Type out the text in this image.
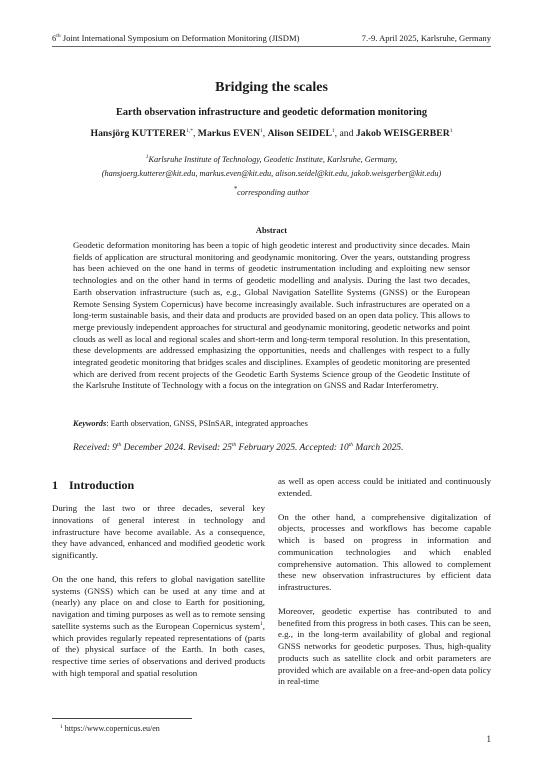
6th Joint International Symposium on Deformation Monitoring (JISDM)	7.-9. April 2025, Karlsruhe, Germany
Bridging the scales
Earth observation infrastructure and geodetic deformation monitoring
Hansjörg $KUTTERER^{1,*}$, Markus EVEN$^1$, Alison SEIDEL$^1$, and Jakob WEISGERBER$^1$
$^1$Karlsruhe Institute of Technology, Geodetic Institute, Karlsruhe, Germany,
(hansjoerg.kutterer@kit.edu, markus.even@kit.edu, alison.seidel@kit.edu, jakob.weisgerber@kit.edu)
*corresponding author
Abstract
Geodetic deformation monitoring has been a topic of high geodetic interest and productivity since decades. Main fields of application are structural monitoring and geodynamic monitoring. Over the years, outstanding progress has been achieved on the one hand in terms of geodetic instrumentation including and exploiting new sensor technologies and on the other hand in terms of geodetic modelling and analysis. During the last two decades, Earth observation infrastructure (such as, e.g., Global Navigation Satellite Systems (GNSS) or the European Remote Sensing System Copernicus) have become increasingly available. Such infrastructures are operated on a long-term sustainable basis, and their data and products are provided based on an open data policy. This allows to merge previously independent approaches for structural and geodynamic monitoring, geodetic networks and point clouds as well as local and regional scales and short-term and long-term temporal resolution. In this presentation, these developments are addressed emphasizing the opportunities, needs and challenges with respect to a fully integrated geodetic monitoring that bridges scales and disciplines. Examples of geodetic monitoring are presented which are derived from recent projects of the Geodetic Earth Systems Science group of the Geodetic Institute of the Karlsruhe Institute of Technology with a focus on the integration on GNSS and Radar Interferometry.
Keywords: Earth observation, GNSS, PSInSAR, integrated approaches
Received: 9th December 2024. Revised: 25th February 2025. Accepted: 10th March 2025.
1 Introduction

During the last two or three decades, several key innovations of general interest in technology and infrastructure have become available. As a consequence, they have advanced, enhanced and modified geodetic work significantly.

On the one hand, this refers to global navigation satellite systems (GNSS) which can be used at any time and at (nearly) any place on and close to Earth for positioning, navigation and timing purposes as well as to remote sensing satellite systems such as the European Copernicus system$^1$, which provides regularly repeated representations of (parts of the) physical surface of the Earth. In both cases, respective time series of observations and derived products with high temporal and spatial resolution

as well as open access could be initiated and continuously extended.

On the other hand, a comprehensive digitalization of objects, processes and workflows has become capable which is based on progress in information and communication technologies and which enabled comprehensive automation. This allowed to complement these new observation infrastructures by efficient data infrastructures.

Moreover, geodetic expertise has contributed to and benefited from this progress in both cases. This can be seen, e.g., in the long-term availability of global and regional GNSS networks for geodetic purposes. Thus, high-quality products such as satellite clock and orbit parameters are provided which are available on a free-and-open data policy in real-time

$^1$ https://www.copernicus.eu/en
1
